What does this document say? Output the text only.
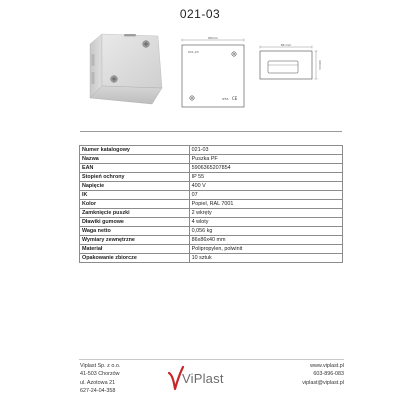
021-03
86mm
021-03
IP55 CE
86 mm
40mm
Numer katalogowy	021-03
Nazwa	Puszka PF
EAN	5906365207854
Stopień ochrony	IP 55
Napięcie	400 V
IK	07
Kolor	Popiel, RAL 7001
Zamknięcie puszki	2 wkręty
Dławiki gumowe	4 wloty
Waga netto	0,056 kg
Wymiary zewnętrzne	86x86x40 mm
Materiał	Polipropylen, polwinit
Opakowanie zbiorcze	10 sztuk
Viplast Sp. z o.o.
41-503 Chorzów
ul. Azotowa 21
627-24-04-358
ViPlast
www.viplast.pl
603-896-083
viplast@viplast.pl
